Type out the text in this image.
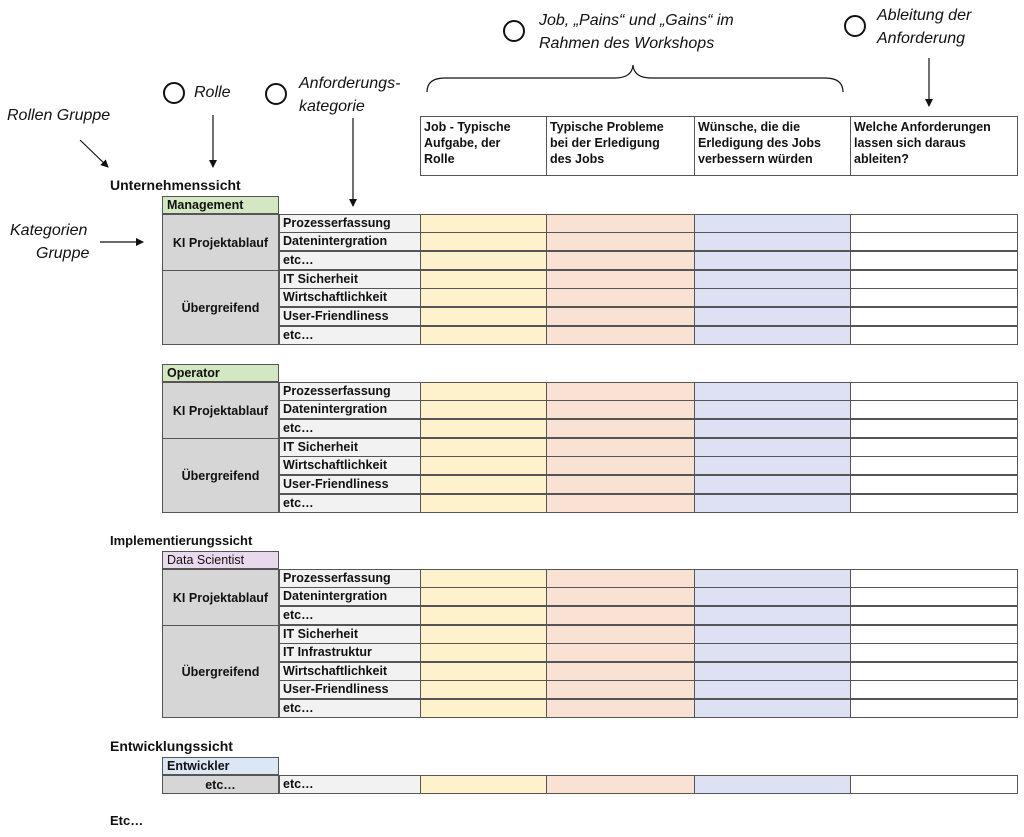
Rollen Gruppe
Rolle
Anforderungs-
kategorie
Job, „Pains“ und „Gains“ im
Rahmen des Workshops
Ableitung der
Anforderung
Kategorien
Gruppe
Job - Typische
Aufgabe, der
Rolle
Typische Probleme
bei der Erledigung
des Jobs
Wünsche, die die
Erledigung des Jobs
verbessern würden
Welche Anforderungen
lassen sich daraus
ableiten?
Unternehmenssicht
Implementierungssicht
Entwicklungssicht
Etc…
Management
Operator
Data Scientist
Entwickler
KI Projektablauf
Übergreifend
KI Projektablauf
Übergreifend
KI Projektablauf
Übergreifend
etc…
Prozesserfassung
Datenintergration
etc…
IT Sicherheit
Wirtschaftlichkeit
User-Friendliness
etc…
Prozesserfassung
Datenintergration
etc…
IT Sicherheit
Wirtschaftlichkeit
User-Friendliness
etc…
Prozesserfassung
Datenintergration
etc…
IT Sicherheit
IT Infrastruktur
Wirtschaftlichkeit
User-Friendliness
etc…
etc…
